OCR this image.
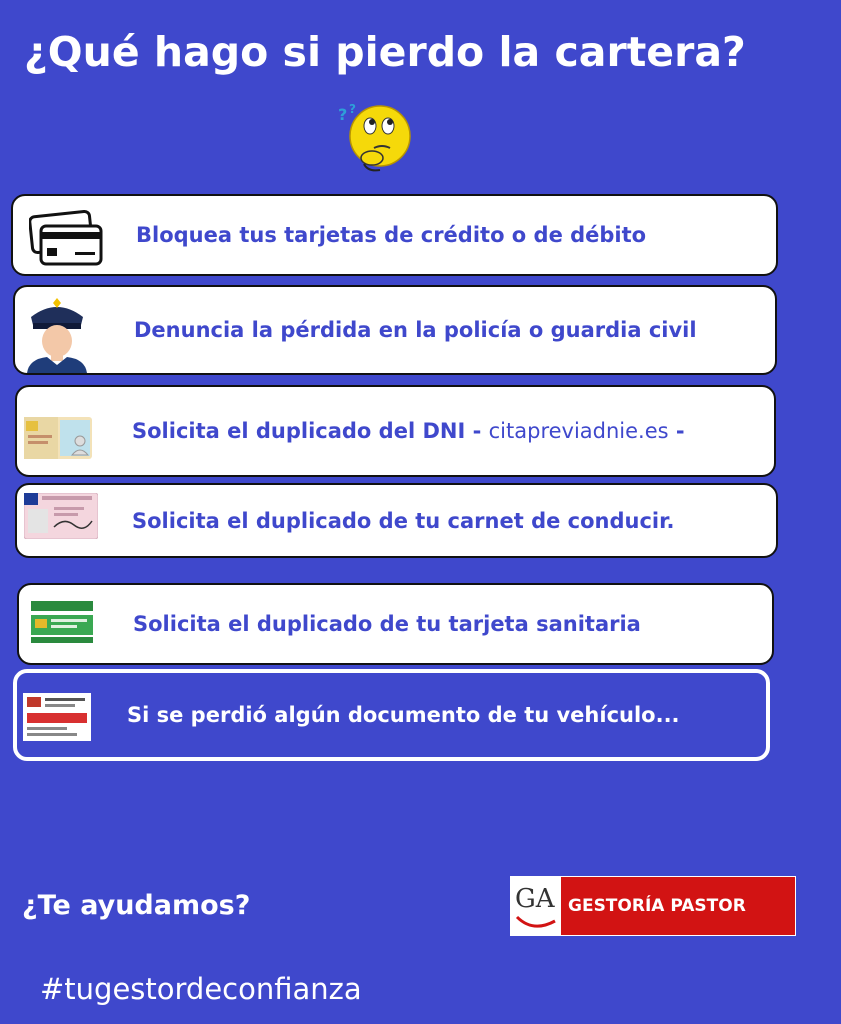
¿Qué hago si pierdo la cartera?
? ?
Bloquea tus tarjetas de crédito o de débito
Denuncia la pérdida en la policía o guardia civil
Solicita el duplicado del DNI - citapreviadnie.es -
Solicita el duplicado de tu carnet de conducir.
Solicita el duplicado de tu tarjeta sanitaria
Si se perdió algún documento de tu vehículo...
¿Te ayudamos?
#tugestordeconfianza
GA GESTORÍA PASTOR
